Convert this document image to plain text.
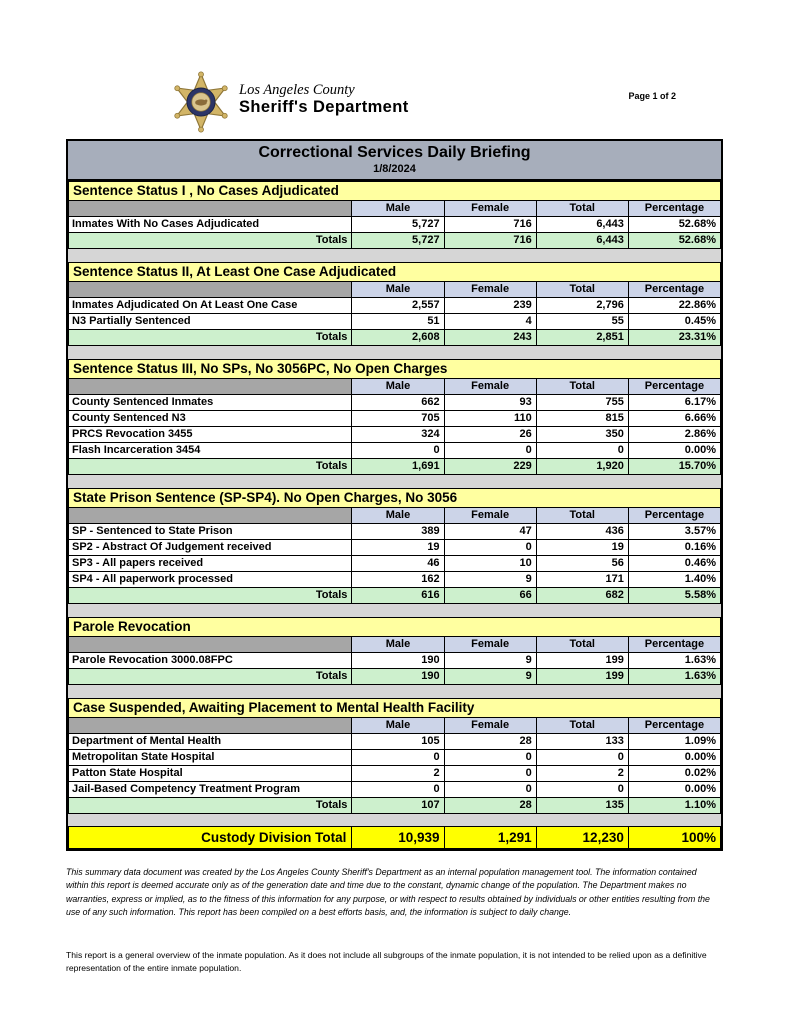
Los Angeles County
Sheriff's Department
Page 1 of 2
Correctional Services Daily Briefing
1/8/2024
Sentence Status I , No Cases Adjudicated
	Male	Female	Total	Percentage
Inmates With No Cases Adjudicated	5,727	716	6,443	52.68%
Totals	5,727	716	6,443	52.68%
Sentence Status II, At Least One Case Adjudicated
	Male	Female	Total	Percentage
Inmates Adjudicated On At Least One Case	2,557	239	2,796	22.86%
N3 Partially Sentenced	51	4	55	0.45%
Totals	2,608	243	2,851	23.31%
Sentence Status III, No SPs, No 3056PC, No Open Charges
	Male	Female	Total	Percentage
County Sentenced Inmates	662	93	755	6.17%
County Sentenced N3	705	110	815	6.66%
PRCS Revocation 3455	324	26	350	2.86%
Flash Incarceration 3454	0	0	0	0.00%
Totals	1,691	229	1,920	15.70%
State Prison Sentence (SP-SP4). No Open Charges, No 3056
	Male	Female	Total	Percentage
SP - Sentenced to State Prison	389	47	436	3.57%
SP2 - Abstract Of Judgement received	19	0	19	0.16%
SP3 - All papers received	46	10	56	0.46%
SP4 - All paperwork processed	162	9	171	1.40%
Totals	616	66	682	5.58%
Parole Revocation
	Male	Female	Total	Percentage
Parole Revocation 3000.08FPC	190	9	199	1.63%
Totals	190	9	199	1.63%
Case Suspended, Awaiting Placement to Mental Health Facility
	Male	Female	Total	Percentage
Department of Mental Health	105	28	133	1.09%
Metropolitan State Hospital	0	0	0	0.00%
Patton State Hospital	2	0	2	0.02%
Jail-Based Competency Treatment Program	0	0	0	0.00%
Totals	107	28	135	1.10%
Custody Division Total	10,939	1,291	12,230	100%

This summary data document was created by the Los Angeles County Sheriff's Department as an internal population management tool. The information contained within this report is deemed accurate only as of the generation date and time due to the constant, dynamic change of the population. The Department makes no warranties, express or implied, as to the fitness of this information for any purpose, or with respect to results obtained by individuals or other entities resulting from the use of any such information. This report has been compiled on a best efforts basis, and, the information is subject to daily change.

This report is a general overview of the inmate population. As it does not include all subgroups of the inmate population, it is not intended to be relied upon as a definitive representation of the entire inmate population.
